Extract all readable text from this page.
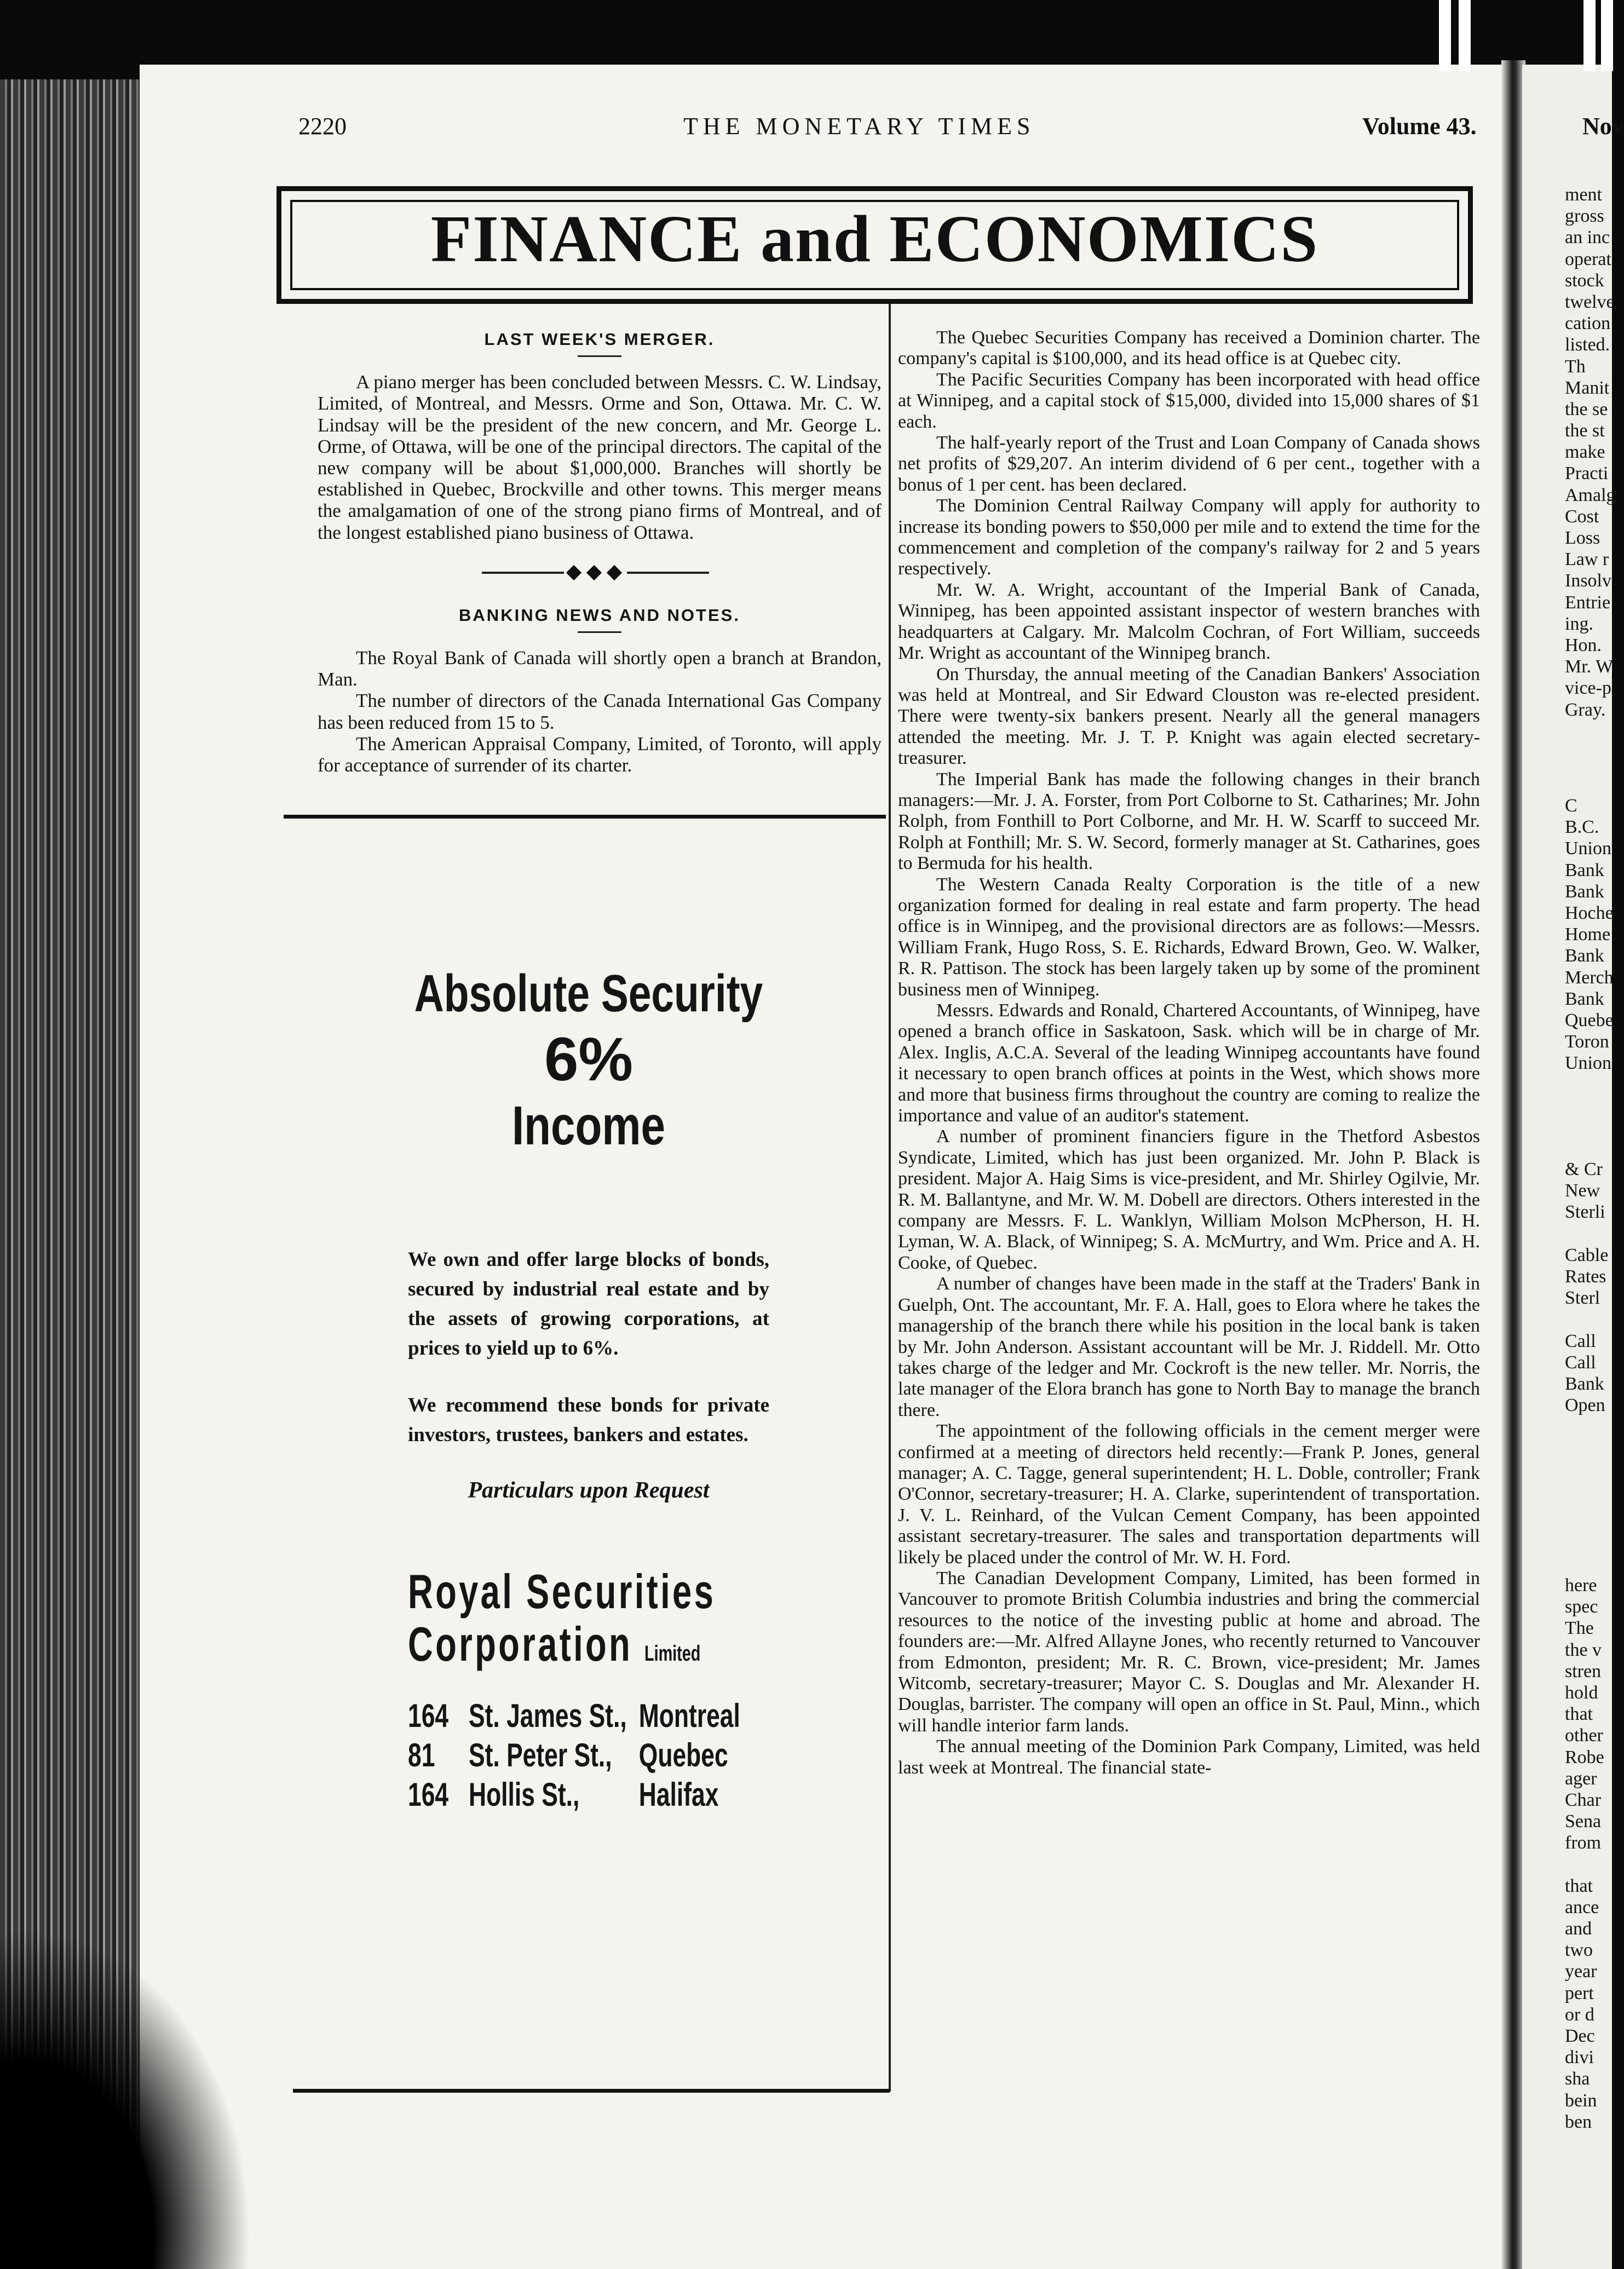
2220	THE MONETARY TIMES	Volume 43.	Nov
FINANCE and ECONOMICS
LAST WEEK'S MERGER.

A piano merger has been concluded between Messrs. C. W. Lindsay, Limited, of Montreal, and Messrs. Orme and Son, Ottawa. Mr. C. W. Lindsay will be the president of the new concern, and Mr. George L. Orme, of Ottawa, will be one of the principal directors. The capital of the new company will be about $1,000,000. Branches will shortly be established in Quebec, Brockville and other towns. This merger means the amalgamation of one of the strong piano firms of Montreal, and of the longest established piano business of Ottawa.

BANKING NEWS AND NOTES.

The Royal Bank of Canada will shortly open a branch at Brandon, Man.

The number of directors of the Canada International Gas Company has been reduced from 15 to 5.

The American Appraisal Company, Limited, of Toronto, will apply for acceptance of surrender of its charter.

Absolute Security
6%
Income
We own and offer large blocks of bonds, secured by industrial real estate and by the assets of growing corporations, at prices to yield up to 6%.
We recommend these bonds for private investors, trustees, bankers and estates.
Particulars upon Request
Royal Securities
Corporation Limited
164 St. James St., Montreal
81 St. Peter St., Quebec
164 Hollis St., Halifax

The Quebec Securities Company has received a Dominion charter. The company's capital is $100,000, and its head office is at Quebec city.

The Pacific Securities Company has been incorporated with head office at Winnipeg, and a capital stock of $15,000, divided into 15,000 shares of $1 each.

The half-yearly report of the Trust and Loan Company of Canada shows net profits of $29,207. An interim dividend of 6 per cent., together with a bonus of 1 per cent. has been declared.

The Dominion Central Railway Company will apply for authority to increase its bonding powers to $50,000 per mile and to extend the time for the commencement and completion of the company's railway for 2 and 5 years respectively.

Mr. W. A. Wright, accountant of the Imperial Bank of Canada, Winnipeg, has been appointed assistant inspector of western branches with headquarters at Calgary. Mr. Malcolm Cochran, of Fort William, succeeds Mr. Wright as accountant of the Winnipeg branch.

On Thursday, the annual meeting of the Canadian Bankers' Association was held at Montreal, and Sir Edward Clouston was re-elected president. There were twenty-six bankers present. Nearly all the general managers attended the meeting. Mr. J. T. P. Knight was again elected secretary-treasurer.

The Imperial Bank has made the following changes in their branch managers:—Mr. J. A. Forster, from Port Colborne to St. Catharines; Mr. John Rolph, from Fonthill to Port Colborne, and Mr. H. W. Scarff to succeed Mr. Rolph at Fonthill; Mr. S. W. Secord, formerly manager at St. Catharines, goes to Bermuda for his health.

The Western Canada Realty Corporation is the title of a new organization formed for dealing in real estate and farm property. The head office is in Winnipeg, and the provisional directors are as follows:—Messrs. William Frank, Hugo Ross, S. E. Richards, Edward Brown, Geo. W. Walker, R. R. Pattison. The stock has been largely taken up by some of the prominent business men of Winnipeg.

Messrs. Edwards and Ronald, Chartered Accountants, of Winnipeg, have opened a branch office in Saskatoon, Sask. which will be in charge of Mr. Alex. Inglis, A.C.A. Several of the leading Winnipeg accountants have found it necessary to open branch offices at points in the West, which shows more and more that business firms throughout the country are coming to realize the importance and value of an auditor's statement.

A number of prominent financiers figure in the Thetford Asbestos Syndicate, Limited, which has just been organized. Mr. John P. Black is president. Major A. Haig Sims is vice-president, and Mr. Shirley Ogilvie, Mr. R. M. Ballantyne, and Mr. W. M. Dobell are directors. Others interested in the company are Messrs. F. L. Wanklyn, William Molson McPherson, H. H. Lyman, W. A. Black, of Winnipeg; S. A. McMurtry, and Wm. Price and A. H. Cooke, of Quebec.

A number of changes have been made in the staff at the Traders' Bank in Guelph, Ont. The accountant, Mr. F. A. Hall, goes to Elora where he takes the managership of the branch there while his position in the local bank is taken by Mr. John Anderson. Assistant accountant will be Mr. J. Riddell. Mr. Otto takes charge of the ledger and Mr. Cockroft is the new teller. Mr. Norris, the late manager of the Elora branch has gone to North Bay to manage the branch there.

The appointment of the following officials in the cement merger were confirmed at a meeting of directors held recently:—Frank P. Jones, general manager; A. C. Tagge, general superintendent; H. L. Doble, controller; Frank O'Connor, secretary-treasurer; H. A. Clarke, superintendent of transportation. J. V. L. Reinhard, of the Vulcan Cement Company, has been appointed assistant secretary-treasurer. The sales and transportation departments will likely be placed under the control of Mr. W. H. Ford.

The Canadian Development Company, Limited, has been formed in Vancouver to promote British Columbia industries and bring the commercial resources to the notice of the investing public at home and abroad. The founders are:—Mr. Alfred Allayne Jones, who recently returned to Vancouver from Edmonton, president; Mr. R. C. Brown, vice-president; Mr. James Witcomb, secretary-treasurer; Mayor C. S. Douglas and Mr. Alexander H. Douglas, barrister. The company will open an office in St. Paul, Minn., which will handle interior farm lands.

The annual meeting of the Dominion Park Company, Limited, was held last week at Montreal. The financial state-

ment
gross
an inc
operat
stock
twelve
cation
listed.
Th
Manit
the se
the st
make
Practi
Amalg
Cost
Loss
Law r
Insolv
Entrie
ing.
Hon.
Mr. W
vice-p
Gray.
C
B.C.
Union
Bank
Bank
Hoche
Home
Bank
Merch
Bank
Quebe
Toron
Union
& Cr
New
Sterli
Cable
Rates
Sterl
Call
Call
Bank
Open
here
spec
The
the v
stren
hold
that
other
Robe
ager
Char
Sena
from
that
ance
and
two
year
pert
or d
Dec
divi
sha
bein
ben
